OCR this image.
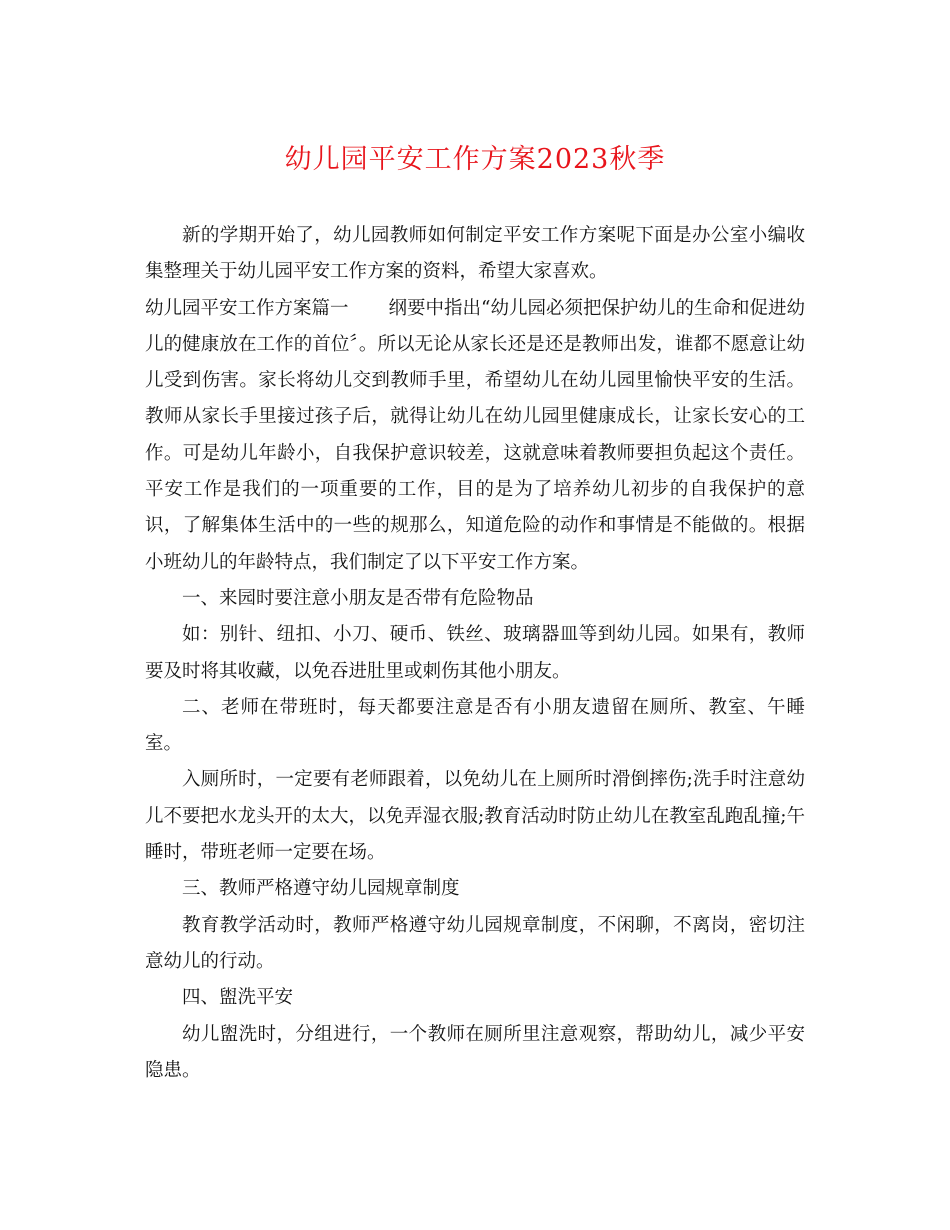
幼儿园平安工作方案2023秋季

新的学期开始了，幼儿园教师如何制定平安工作方案呢下面是办公室小编收集整理关于幼儿园平安工作方案的资料，希望大家喜欢。

幼儿园平安工作方案篇一 纲要中指出“幼儿园必须把保护幼儿的生命和促进幼儿的健康放在工作的首位〞。所以无论从家长还是还是教师出发，谁都不愿意让幼儿受到伤害。家长将幼儿交到教师手里，希望幼儿在幼儿园里愉快平安的生活。教师从家长手里接过孩子后，就得让幼儿在幼儿园里健康成长，让家长安心的工作。可是幼儿年龄小，自我保护意识较差，这就意味着教师要担负起这个责任。平安工作是我们的一项重要的工作，目的是为了培养幼儿初步的自我保护的意识，了解集体生活中的一些的规那么，知道危险的动作和事情是不能做的。根据小班幼儿的年龄特点，我们制定了以下平安工作方案。

一、来园时要注意小朋友是否带有危险物品

如：别针、纽扣、小刀、硬币、铁丝、玻璃器皿等到幼儿园。如果有，教师要及时将其收藏，以免吞进肚里或刺伤其他小朋友。

二、老师在带班时，每天都要注意是否有小朋友遗留在厕所、教室、午睡室。

入厕所时，一定要有老师跟着，以免幼儿在上厕所时滑倒摔伤;洗手时注意幼儿不要把水龙头开的太大，以免弄湿衣服;教育活动时防止幼儿在教室乱跑乱撞;午睡时，带班老师一定要在场。

三、教师严格遵守幼儿园规章制度

教育教学活动时，教师严格遵守幼儿园规章制度，不闲聊，不离岗，密切注意幼儿的行动。

四、盥洗平安

幼儿盥洗时，分组进行，一个教师在厕所里注意观察，帮助幼儿，减少平安隐患。
